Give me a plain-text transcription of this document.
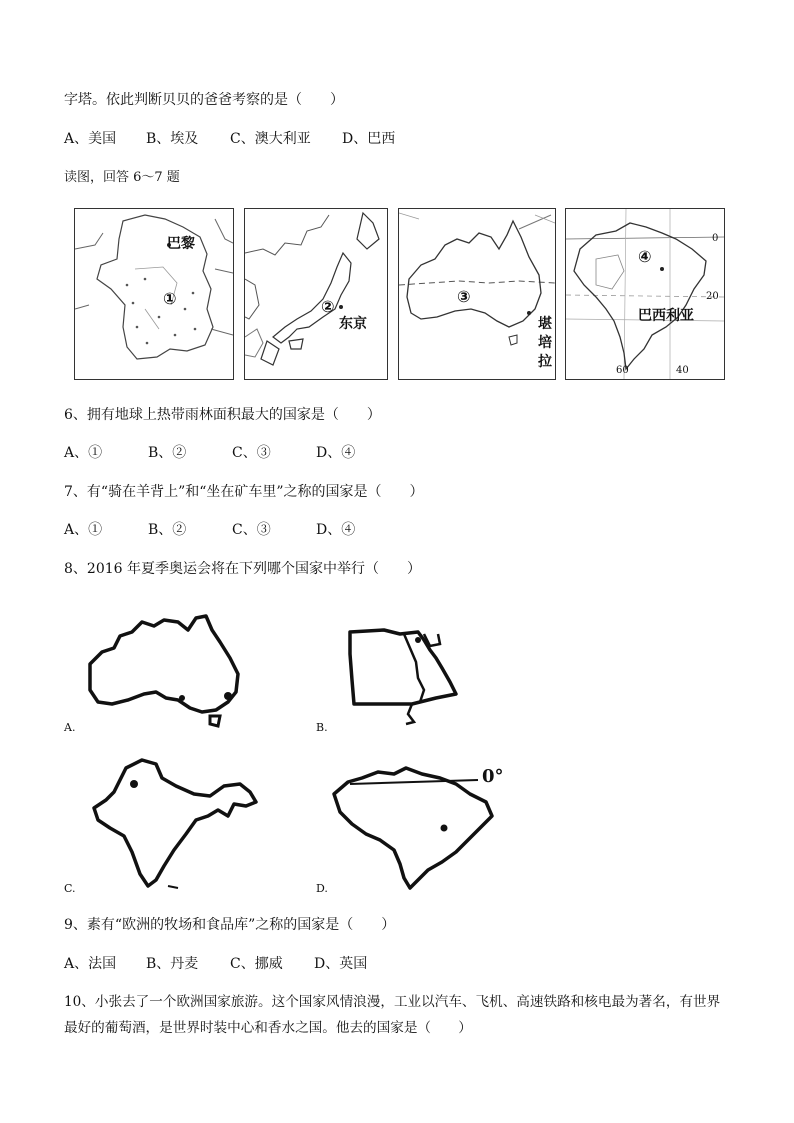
字塔。依此判断贝贝的爸爸考察的是（　　）
A、美国 B、埃及 C、澳大利亚 D、巴西
读图，回答 6～7 题
巴黎
①	②
东京
③
堪
培
拉
④
巴西利亚
0
20
60	40
6、拥有地球上热带雨林面积最大的国家是（　　）
A、①	B、②	C、③	D、④
7、有“骑在羊背上”和“坐在矿车里”之称的国家是（　　）
A、①	B、②	C、③	D、④
8、2016 年夏季奥运会将在下列哪个国家中举行（　　）
A.	B.
C.
0°
D.
9、素有“欧洲的牧场和食品库”之称的国家是（　　）
A、法国 B、丹麦 C、挪威 D、英国
10、小张去了一个欧洲国家旅游。这个国家风情浪漫，工业以汽车、飞机、高速铁路和核电最为著名，有世界
最好的葡萄酒，是世界时装中心和香水之国。他去的国家是（　　）
